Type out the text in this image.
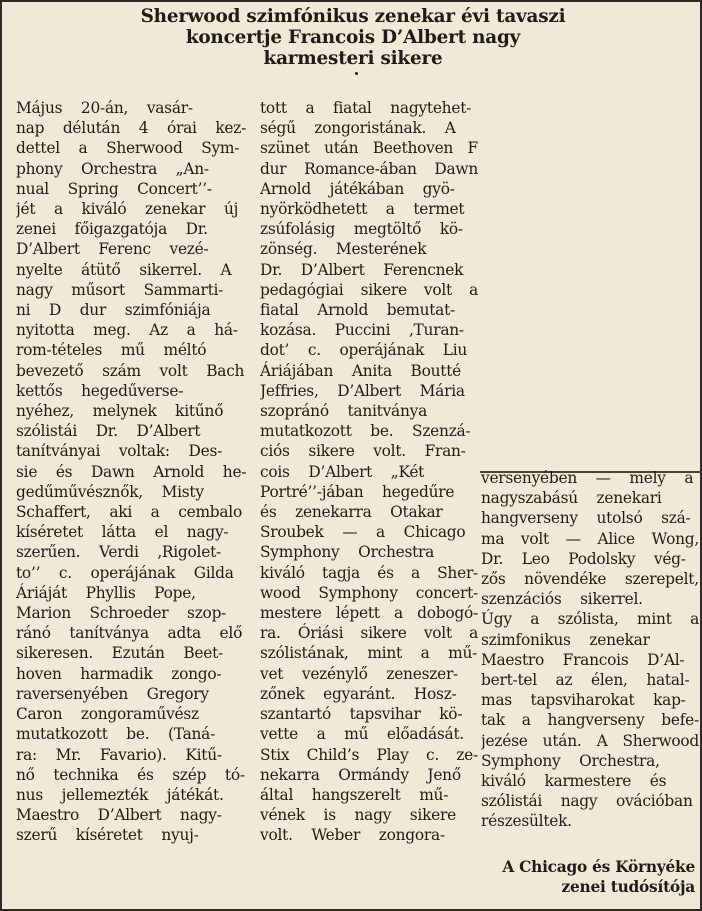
Sherwood szimfónikus zenekar évi tavaszi
koncertje Francois D’Albert nagy
karmesteri sikere
Május 20-án, vasár-
nap délután 4 órai kez-
dettel a Sherwood Sym-
phony Orchestra „An-
nual Spring Concert’’-
jét a kiváló zenekar új
zenei főigazgatója Dr.
D’Albert Ferenc vezé-
nyelte átütő sikerrel. A
nagy műsort Sammarti-
ni D dur szimfóniája
nyitotta meg. Az a há-
rom-tételes mű méltó
bevezető szám volt Bach
kettős hegedűverse-
nyéhez, melynek kitűnő
szólistái Dr. D’Albert
tanítványai voltak: Des-
sie és Dawn Arnold he-
gedűművésznők, Misty
Schaffert, aki a cembalo
kíséretet látta el nagy-
szerűen. Verdi ‚Rigolet-
to’’ c. operájának Gilda
Áriáját Phyllis Pope,
Marion Schroeder szop-
ránó tanítványa adta elő
sikeresen. Ezután Beet-
hoven harmadik zongo-
raversenyében Gregory
Caron zongoraművész
mutatkozott be. (Taná-
ra: Mr. Favario). Kitű-
nő technika és szép tó-
nus jellemezték játékát.
Maestro D’Albert nagy-
szerű kíséretet nyuj-
tott a fiatal nagytehet-
ségű zongoristának. A
szünet után Beethoven F
dur Romance-ában Dawn
Arnold játékában gyö-
nyörködhetett a termet
zsúfolásig megtöltő kö-
zönség. Mesterének
Dr. D’Albert Ferencnek
pedagógiai sikere volt a
fiatal Arnold bemutat-
kozása. Puccini ‚Turan-
dot’ c. operájának Liu
Áriájában Anita Boutté
Jeffries, D’Albert Mária
szopránó tanitványa
mutatkozott be. Szenzá-
ciós sikere volt. Fran-
cois D’Albert „Két
Portré’’-jában hegedűre
és zenekarra Otakar
Sroubek — a Chicago
Symphony Orchestra
kiváló tagja és a Sher-
wood Symphony concert-
mestere lépett a dobogó-
ra. Óriási sikere volt a
szólistának, mint a mű-
vet vezénylő zeneszer-
zőnek egyaránt. Hosz-
szantartó tapsvihar kö-
vette a mű előadását.
Stix Child’s Play c. ze-
nekarra Ormándy Jenő
által hangszerelt mű-
vének is nagy sikere
volt. Weber zongora-
versenyében — mely a
nagyszabású zenekari
hangverseny utolsó szá-
ma volt — Alice Wong,
Dr. Leo Podolsky vég-
zős növendéke szerepelt,
szenzációs sikerrel.
Úgy a szólista, mint a
szimfonikus zenekar
Maestro Francois D’Al-
bert-tel az élen, hatal-
mas tapsviharokat kap-
tak a hangverseny befe-
jezése után. A Sherwood
Symphony Orchestra,
kiváló karmestere és
szólistái nagy ovációban
részesültek.
A Chicago és Környéke
zenei tudósítója
